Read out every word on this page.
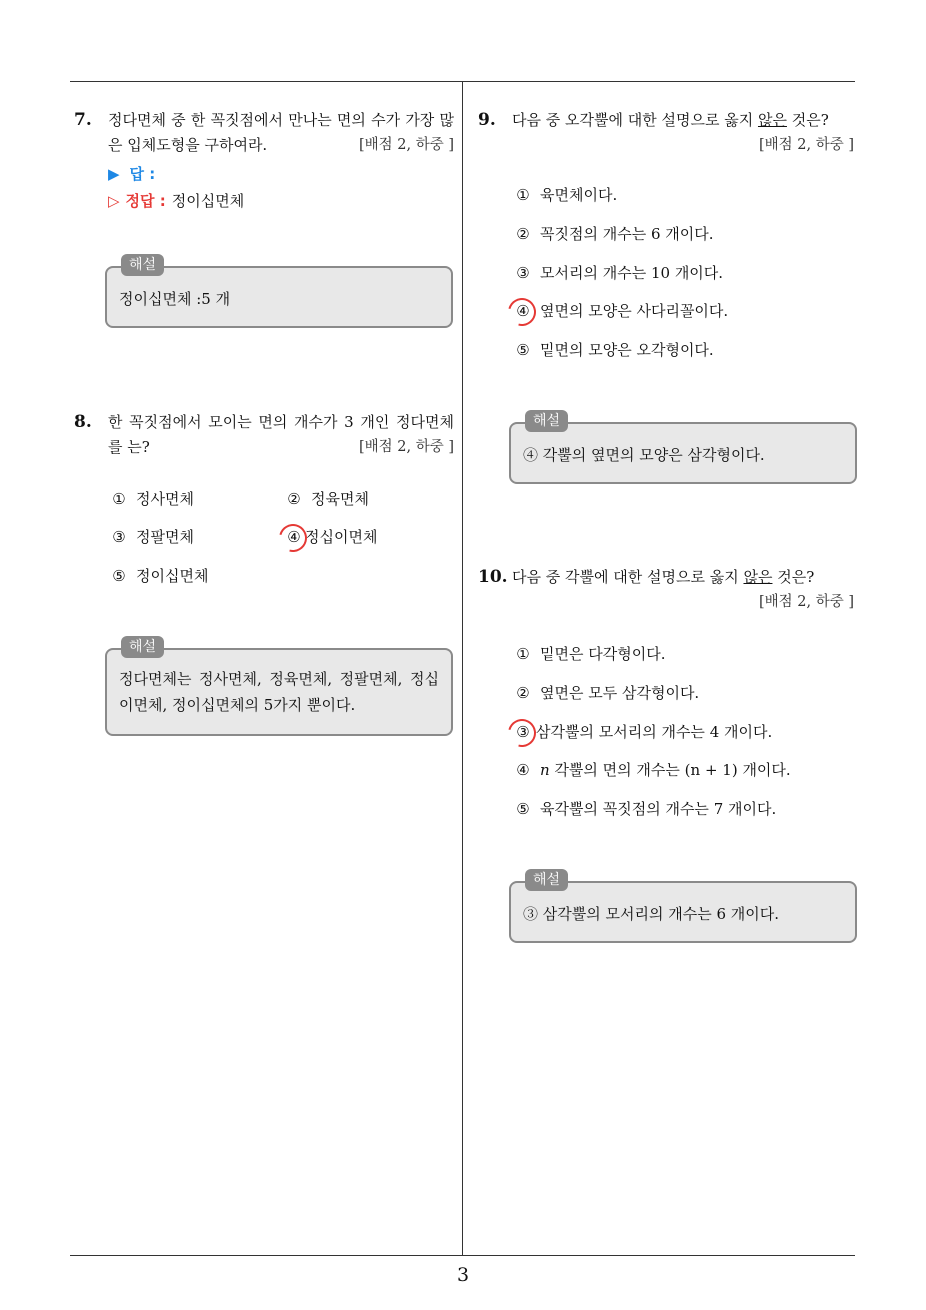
7. 정다면체 중 한 꼭짓점에서 만나는 면의 수가 가장 많은 입체도형을 구하여라.	[배점 2, 하중 ]
▶ 답 :
▷ 정답 : 정이십면체
해설
정이십면체 :5 개
8. 한 꼭짓점에서 모이는 면의 개수가 3 개인 정다면체를 는?	[배점 2, 하중 ]
① 정사면체	② 정육면체
③ 정팔면체	④ 정십이면체
⑤ 정이십면체
해설
정다면체는 정사면체, 정육면체, 정팔면체, 정십이면체, 정이십면체의 5가지 뿐이다.
9. 다음 중 오각뿔에 대한 설명으로 옳지 않은 것은?
[배점 2, 하중 ]
① 육면체이다.
② 꼭짓점의 개수는 6 개이다.
③ 모서리의 개수는 10 개이다.
④ 옆면의 모양은 사다리꼴이다.
⑤ 밑면의 모양은 오각형이다.
해설
④ 각뿔의 옆면의 모양은 삼각형이다.
10. 다음 중 각뿔에 대한 설명으로 옳지 않은 것은?
[배점 2, 하중 ]
① 밑면은 다각형이다.
② 옆면은 모두 삼각형이다.
③ 삼각뿔의 모서리의 개수는 4 개이다.
④ n 각뿔의 면의 개수는 (n + 1) 개이다.
⑤ 육각뿔의 꼭짓점의 개수는 7 개이다.
해설
③ 삼각뿔의 모서리의 개수는 6 개이다.
3
